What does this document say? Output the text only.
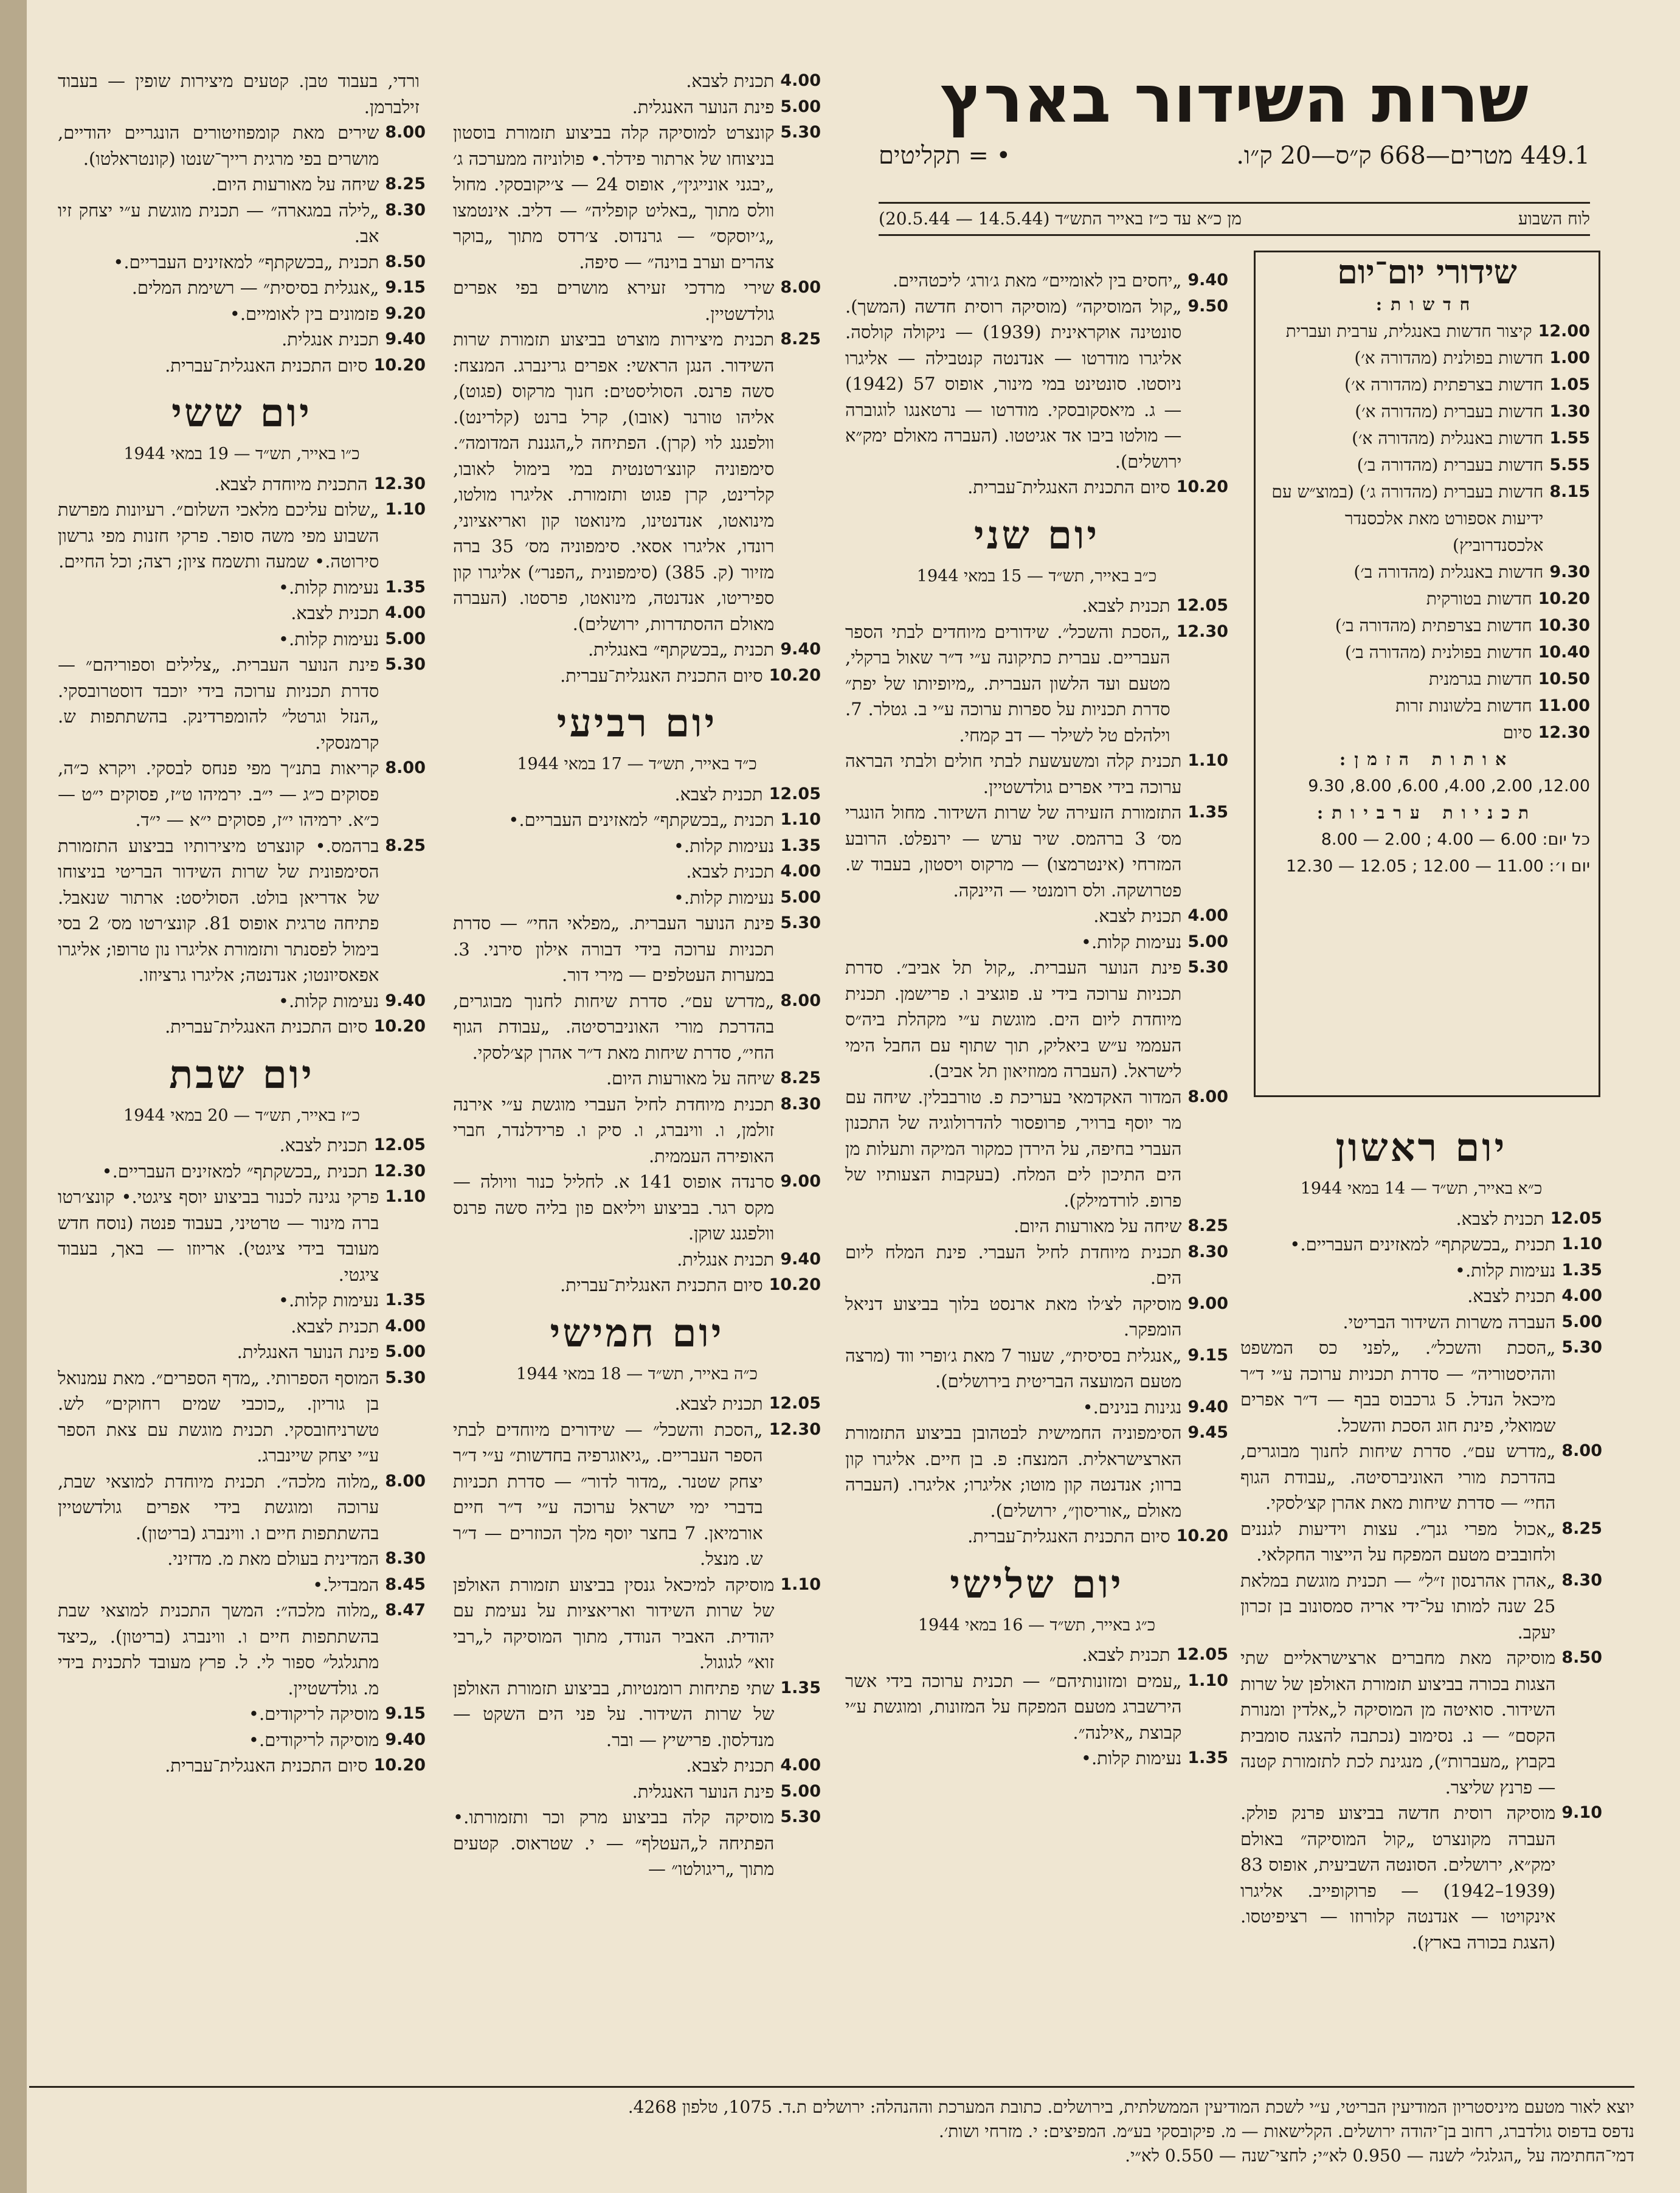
שרות השידור בארץ
449.1 מטרים—668 ק״ס—20 ק״ו.
• = תקליטים
לוח השבוע
מן כ״א עד כ״ז באייר התש״ד (14.5.44 — 20.5.44)
שידורי יום־יום
חדשות:
12.00
קיצור חדשות באנגלית, ערבית ועברית
1.00
חדשות בפולנית (מהדורה א׳)
1.05
חדשות בצרפתית (מהדורה א׳)
1.30
חדשות בעברית (מהדורה א׳)
1.55
חדשות באנגלית (מהדורה א׳)
5.55
חדשות בעברית (מהדורה ב׳)
8.15
חדשות בעברית (מהדורה ג׳) (במוצ״ש עם ידיעות אספורט מאת אלכסנדר אלכסנדרוביץ)
9.30
חדשות באנגלית (מהדורה ב׳)
10.20
חדשות בטורקית
10.30
חדשות בצרפתית (מהדורה ב׳)
10.40
חדשות בפולנית (מהדורה ב׳)
10.50
חדשות בגרמנית
11.00
חדשות בלשונות זרות
12.30
סיום
אותות הזמן:
12.00, 2.00, 4.00, 6.00, 8.00, 9.30
תכניות ערביות:
כל יום: 6.00 — 4.00 ; 2.00 — 8.00
יום ו׳: 11.00 — 12.00 ; 12.05 — 12.30
9.40
„יחסים בין לאומיים״ מאת ג׳ורג׳ ליכטהיים.
9.50
„קול המוסיקה״ (מוסיקה רוסית חדשה (המשך). סונטינה אוקראינית (1939) — ניקולה קולסה. אליגרו מודרטו — אנדנטה קנטבילה — אליגרו ניוסטו. סונטינט במי מינור, אופוס 57 (1942) — ג. מיאסקובסקי. מודרטו — נרטאנגו לוגוברה — מולטו ביבו אד אגיטטו. (העברה מאולם ימק״א ירושלים).
10.20
סיום התכנית האנגלית־עברית.
יום שני
כ״ב באייר, תש״ד — 15 במאי 1944
12.05
תכנית לצבא.
12.30
„הסכת והשכל״. שידורים מיוחדים לבתי הספר העבריים. עברית כתיקונה ע״י ד״ר שאול ברקלי, מטעם ועד הלשון העברית. „מיופיותו של יפת״ סדרת תכניות על ספרות ערוכה ע״י ב. גטלר. 7. וילהלם טל לשילר — דב קמחי.
1.10
תכנית קלה ומשעשעת לבתי חולים ולבתי הבראה ערוכה בידי אפרים גולדשטיין.
1.35
התזמורת הזעירה של שרות השידור. מחול הונגרי מס׳ 3 ברהמס. שיר ערש — ירנפלט. הרובע המזרחי (אינטרמצו) — מרקוס ויסטון, בעבוד ש. פטרושקה. ולס רומנטי — היינקה.
4.00
תכנית לצבא.
5.00
נעימות קלות.•
5.30
פינת הנוער העברית. „קול תל אביב״. סדרת תכניות ערוכה בידי ע. פוגציב ו. פרישמן. תכנית מיוחדת ליום הים. מוגשת ע״י מקהלת ביה״ס העממי ע״ש ביאליק, תוך שתוף עם החבל הימי לישראל. (העברה ממוזיאון תל אביב).
8.00
המדור האקדמאי בעריכת פ. טורבבלין. שיחה עם מר יוסף ברויר, פרופסור להדרולוגיה של התכנון העברי בחיפה, על הירדן כמקור המיקה ותעלות מן הים התיכון לים המלח. (בעקבות הצעותיו של פרופ. לורדמילק).
8.25
שיחה על מאורעות היום.
8.30
תכנית מיוחדת לחיל העברי. פינת המלח ליום הים.
9.00
מוסיקה לצ׳לו מאת ארנסט בלוך בביצוע דניאל הומפקר.
9.15
„אנגלית בסיסית״, שעור 7 מאת ג׳ופרי ווד (מרצה מטעם המועצה הבריטית בירושלים).
9.40
נגינות בנינים.•
9.45
הסימפוניה החמישית לבטהובן בביצוע התזמורת הארצישראלית. המנצח: פ. בן חיים. אליגרו קון ברוו; אנדנטה קון מוטו; אליגרו; אליגרו. (העברה מאולם „אוריסון״, ירושלים).
10.20
סיום התכנית האנגלית־עברית.
יום שלישי
כ״ג באייר, תש״ד — 16 במאי 1944
12.05
תכנית לצבא.
1.10
„עמים ומזונותיהם״ — תכנית ערוכה בידי אשר הירשברג מטעם המפקח על המזונות, ומוגשת ע״י קבוצת „אילנה״.
1.35
נעימות קלות.•
יום ראשון
כ״א באייר, תש״ד — 14 במאי 1944
12.05
תכנית לצבא.
1.10
תכנית „בכשקתף״ למאזינים העבריים.•
1.35
נעימות קלות.•
4.00
תכנית לצבא.
5.00
העברה משרות השידור הבריטי.
5.30
„הסכת והשכל״. „לפני כס המשפט וההיסטוריה״ — סדרת תכניות ערוכה ע״י ד״ר מיכאל הנדל. 5 גרכבוס בבף — ד״ר אפרים שמואלי, פינת חוג הסכת והשכל.
8.00
„מדרש עם״. סדרת שיחות לחנוך מבוגרים, בהדרכת מורי האוניברסיטה. „עבודת הגוף החי״ — סדרת שיחות מאת אהרן קצ׳לסקי.
8.25
„אכול מפרי גנך״. עצות וידיעות לגננים ולחובבים מטעם המפקח על הייצור החקלאי.
8.30
„אהרן אהרנסון ז״ל״ — תכנית מוגשת במלאת 25 שנה למותו על־ידי אריה סמסונוב בן זכרון יעקב.
8.50
מוסיקה מאת מחברים ארצישראליים שתי הצגות בכורה בביצוע תזמורת האולפן של שרות השידור. סואיטה מן המוסיקה ל„אלדין ומנורת הקסם״ — נ. נסימוב (נכתבה להצגה סומבית בקבוץ „מעברות״), מנגינת לכת לתזמורת קטנה — פרנץ שליצר.
9.10
מוסיקה רוסית חדשה בביצוע פרנק פולק. העברה מקונצרט „קול המוסיקה״ באולם ימק״א, ירושלים. הסונטה השביעית, אופוס 83 (1939–1942) — פרוקופייב. אליגרו אינקויטו — אנדנטה קלורוזו — רציפיטסו. (הצגת בכורה בארץ).
4.00
תכנית לצבא.
5.00
פינת הנוער האנגלית.
5.30
קונצרט למוסיקה קלה בביצוע תזמורת בוסטון בניצוחו של ארתור פידלר.• פולוניזה ממערכה ג׳ „יבגני אונייגין״, אופוס 24 — צ׳יקובסקי. מחול וולס מתוך „באליט קופליה״ — דליב. אינטמצו „ג׳יוסקס״ — גרנדוס. צ׳רדס מתוך „בוקר צהרים וערב בוינה״ — סיפה.
8.00
שירי מרדכי זעירא מושרים בפי אפרים גולדשטיין.
8.25
תכנית מיצירות מוצרט בביצוע תזמורת שרות השידור. הנגן הראשי: אפרים גרינברג. המנצח: סשה פרנס. הסוליסטים: חנוך מרקוס (פגוט), אליהו טורנר (אובו), קרל ברנט (קלרינט). וולפגנג לוי (קרן). הפתיחה ל„הגננת המדומה״. סימפוניה קונצ׳רטנטית במי בימול לאובו, קלרינט, קרן פגוט ותזמורת. אליגרו מולטו, מינואטו, אנדנטינו, מינואטו קון ואריאציוני, רונדו, אליגרו אסאי. סימפוניה מס׳ 35 ברה מזיור (ק. 385) (סימפונית „הפנר״) אליגרו קון ספיריטו, אנדנטה, מינואטו, פרסטו. (העברה מאולם ההסתדרות, ירושלים).
9.40
תכנית „בכשקתף״ באנגלית.
10.20
סיום התכנית האנגלית־עברית.
יום רביעי
כ״ד באייר, תש״ד — 17 במאי 1944
12.05
תכנית לצבא.
1.10
תכנית „בכשקתף״ למאזינים העבריים.•
1.35
נעימות קלות.•
4.00
תכנית לצבא.
5.00
נעימות קלות.•
5.30
פינת הנוער העברית. „מפלאי החי״ — סדרת תכניות ערוכה בידי דבורה אילון סירני. 3. במערות העטלפים — מירי דור.
8.00
„מדרש עם״. סדרת שיחות לחנוך מבוגרים, בהדרכת מורי האוניברסיטה. „עבודת הגוף החי״, סדרת שיחות מאת ד״ר אהרן קצ׳לסקי.
8.25
שיחה על מאורעות היום.
8.30
תכנית מיוחדת לחיל העברי מוגשת ע״י אירנה זולמן, ו. ווינברג, ו. סיק ו. פרידלנדר, חברי האופירה העממית.
9.00
סרנדה אופוס 141 א. לחליל כנור וויולה — מקס רגר. בביצוע ויליאם פון בליה סשה פרנס וולפגנג שוקן.
9.40
תכנית אנגלית.
10.20
סיום התכנית האנגלית־עברית.
יום חמישי
כ״ה באייר, תש״ד — 18 במאי 1944
12.05
תכנית לצבא.
12.30
„הסכת והשכל״ — שידורים מיוחדים לבתי הספר העבריים. „גיאוגרפיה בחדשות״ ע״י ד״ר יצחק שטנר. „מדור לדור״ — סדרת תכניות בדברי ימי ישראל ערוכה ע״י ד״ר חיים אורמיאן. 7 בחצר יוסף מלך הכוזרים — ד״ר ש. מנצל.
1.10
מוסיקה למיכאל גנסין בביצוע תזמורת האולפן של שרות השידור ואריאציות על נעימת עם יהודית. האביר הנודד, מתוך המוסיקה ל„רבי זוא״ לגוגול.
1.35
שתי פתיחות רומנטיות, בביצוע תזמורת האולפן של שרות השידור. על פני הים השקט — מנדלסון. פרישיץ — ובר.
4.00
תכנית לצבא.
5.00
פינת הנוער האנגלית.
5.30
מוסיקה קלה בביצוע מרק וכר ותזמורתו.• הפתיחה ל„העטלף״ — י. שטראוס. קטעים מתוך „ריגולטו״ —
ורדי, בעבוד טבן. קטעים מיצירות שופין — בעבוד זילברמן.
8.00
שירים מאת קומפוזיטורים הונגריים יהודיים, מושרים בפי מרגית רייך־שנטו (קונטראלטו).
8.25
שיחה על מאורעות היום.
8.30
„לילה במגארה״ — תכנית מוגשת ע״י יצחק זיו אב.
8.50
תכנית „בכשקתף״ למאזינים העבריים.•
9.15
„אנגלית בסיסית״ — רשימת המלים.
9.20
פזמונים בין לאומיים.•
9.40
תכנית אנגלית.
10.20
סיום התכנית האנגלית־עברית.
יום ששי
כ״ו באייר, תש״ד — 19 במאי 1944
12.30
התכנית מיוחדת לצבא.
1.10
„שלום עליכם מלאכי השלום״. רעיונות מפרשת השבוע מפי משה סופר. פרקי חזנות מפי גרשון סירוטה.• שמעה ותשמח ציון; רצה; וכל החיים.
1.35
נעימות קלות.•
4.00
תכנית לצבא.
5.00
נעימות קלות.•
5.30
פינת הנוער העברית. „צלילים וספוריהם״ — סדרת תכניות ערוכה בידי יוכבד דוסטרובסקי. „הנזל וגרטל״ להומפרדינק. בהשתתפות ש. קרמנסקי.
8.00
קריאות בתנ״ך מפי פנחס לבסקי. ויקרא כ״ה, פסוקים כ״ג — י״ב. ירמיהו ט״ז, פסוקים י״ט — כ״א. ירמיהו י״ז, פסוקים י״א — י״ד.
8.25
ברהמס.• קונצרט מיצירותיו בביצוע התזמורת הסימפונית של שרות השידור הבריטי בניצוחו של אדריאן בולט. הסוליסט: ארתור שנאבל. פתיחה טרגית אופוס 81. קונצ׳רטו מס׳ 2 בסי בימול לפסנתר ותזמורת אליגרו נון טרופו; אליגרו אפאסיונטו; אנדנטה; אליגרו גרציוזו.
9.40
נעימות קלות.•
10.20
סיום התכנית האנגלית־עברית.
יום שבת
כ״ז באייר, תש״ד — 20 במאי 1944
12.05
תכנית לצבא.
12.30
תכנית „בכשקתף״ למאזינים העבריים.•
1.10
פרקי נגינה לכנור בביצוע יוסף ציגטי.• קונצ׳רטו ברה מינור — טרטיני, בעבוד פנטה (נוסח חדש מעובד בידי ציגטי). אריוזו — באך, בעבוד ציגטי.
1.35
נעימות קלות.•
4.00
תכנית לצבא.
5.00
פינת הנוער האנגלית.
5.30
המוסף הספרותי. „מדף הספרים״. מאת עמנואל בן גוריון. „כוכבי שמים רחוקים״ לש. טשרניחובסקי. תכנית מוגשת עם צאת הספר ע״י יצחק שיינברג.
8.00
„מלוה מלכה״. תכנית מיוחדת למוצאי שבת, ערוכה ומוגשת בידי אפרים גולדשטיין בהשתתפות חיים ו. ווינברג (בריטון).
8.30
המדינית בעולם מאת מ. מדזיני.
8.45
המבדיל.•
8.47
„מלוה מלכה״: המשך התכנית למוצאי שבת בהשתתפות חיים ו. ווינברג (בריטון). „כיצד מתגלגל״ ספור לי. ל. פרץ מעובד לתכנית בידי מ. גולדשטיין.
9.15
מוסיקה לריקודים.•
9.40
מוסיקה לריקודים.•
10.20
סיום התכנית האנגלית־עברית.
יוצא לאור מטעם מיניסטריון המודיעין הבריטי, ע״י לשכת המודיעין הממשלתית, בירושלים. כתובת המערכת וההנהלה: ירושלים ת.ד. 1075, טלפון 4268.
נדפס בדפוס גולדברג, רחוב בן־יהודה ירושלים. הקלישאות — מ. פיקובסקי בע״מ. המפיצים: י. מזרחי ושות׳.
דמי־החתימה על „הגלגל״ לשנה — 0.950 לא״י; לחצי־שנה — 0.550 לא״י.
